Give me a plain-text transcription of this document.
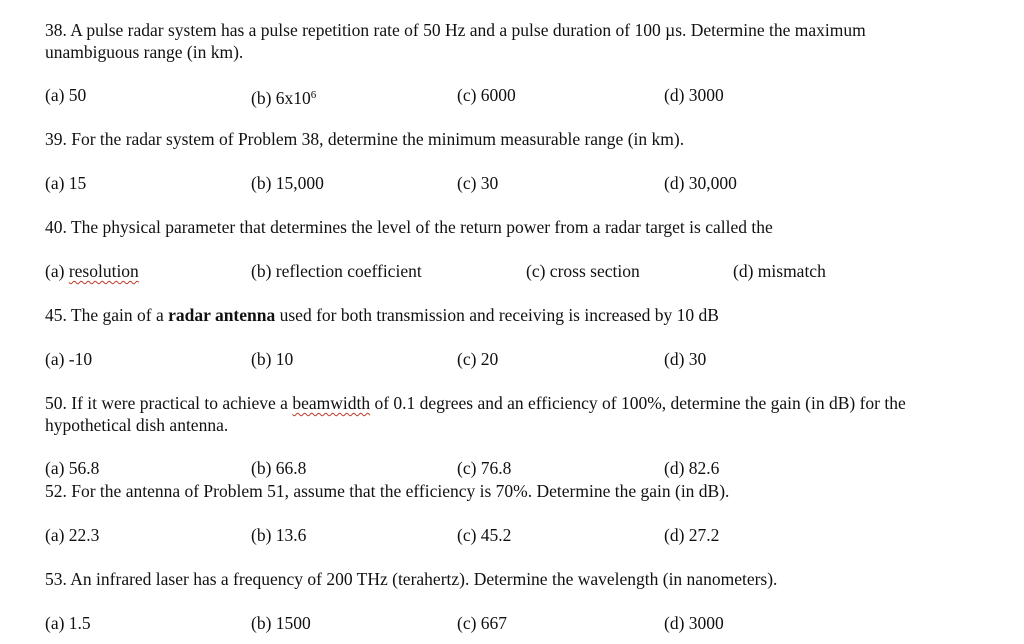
38. A pulse radar system has a pulse repetition rate of 50 Hz and a pulse duration of 100 µs. Determine the maximum unambiguous range (in km).
(a) 50	(b) $6x10^6$	(c) 6000	(d) 3000
39. For the radar system of Problem 38, determine the minimum measurable range (in km).
(a) 15	(b) 15,000	(c) 30	(d) 30,000
40. The physical parameter that determines the level of the return power from a radar target is called the
(a) resolution	(b) reflection coefficient	(c) cross section	(d) mismatch
45. The gain of a radar antenna used for both transmission and receiving is increased by 10 dB
(a) -10	(b) 10	(c) 20	(d) 30
50. If it were practical to achieve a beamwidth of 0.1 degrees and an efficiency of 100%, determine the gain (in dB) for the hypothetical dish antenna.
(a) 56.8	(b) 66.8	(c) 76.8	(d) 82.6
52. For the antenna of Problem 51, assume that the efficiency is 70%. Determine the gain (in dB).
(a) 22.3	(b) 13.6	(c) 45.2	(d) 27.2
53. An infrared laser has a frequency of 200 THz (terahertz). Determine the wavelength (in nanometers).
(a) 1.5	(b) 1500	(c) 667	(d) 3000
